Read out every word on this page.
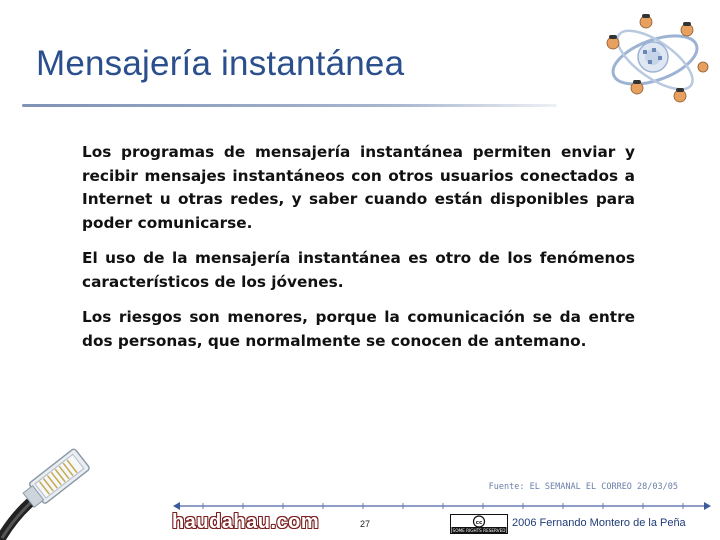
Mensajería instantánea

Los programas de mensajería instantánea permiten enviar y recibir mensajes instantáneos con otros usuarios conectados a Internet u otras redes, y saber cuando están disponibles para poder comunicarse.

El uso de la mensajería instantánea es otro de los fenómenos característicos de los jóvenes.

Los riesgos son menores, porque la comunicación se da entre dos personas, que normalmente se conocen de antemano.

Fuente: EL SEMANAL EL CORREO 28/03/05
haudahau.com	27	cc
SOME RIGHTS RESERVED
2006 Fernando Montero de la Peña
